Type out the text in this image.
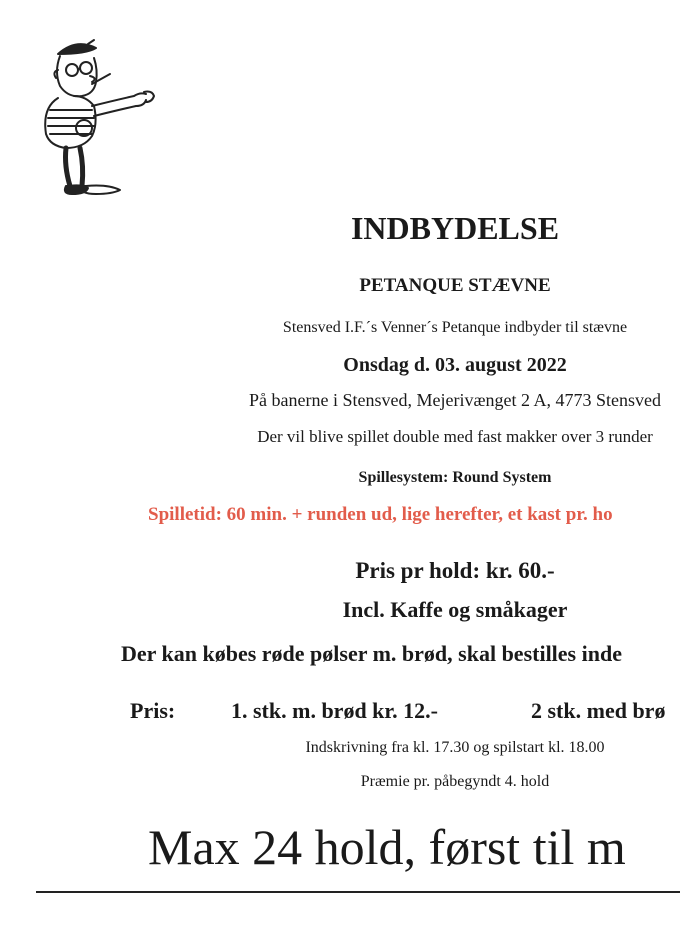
INDBYDELSE
PETANQUE STÆVNE
Stensved I.F.´s Venner´s Petanque indbyder til stævne
Onsdag d. 03. august 2022
På banerne i Stensved, Mejerivænget 2 A, 4773 Stensved
Der vil blive spillet double med fast makker over 3 runder
Spillesystem: Round System
Spilletid: 60 min. + runden ud, lige herefter, et kast pr. ho
Pris pr hold: kr. 60.-
Incl. Kaffe og småkager
Der kan købes røde pølser m. brød, skal bestilles inde
Pris:	1. stk. m. brød kr. 12.-	2 stk. med brø
Indskrivning fra kl. 17.30 og spilstart kl. 18.00
Præmie pr. påbegyndt 4. hold
Max 24 hold, først til m
